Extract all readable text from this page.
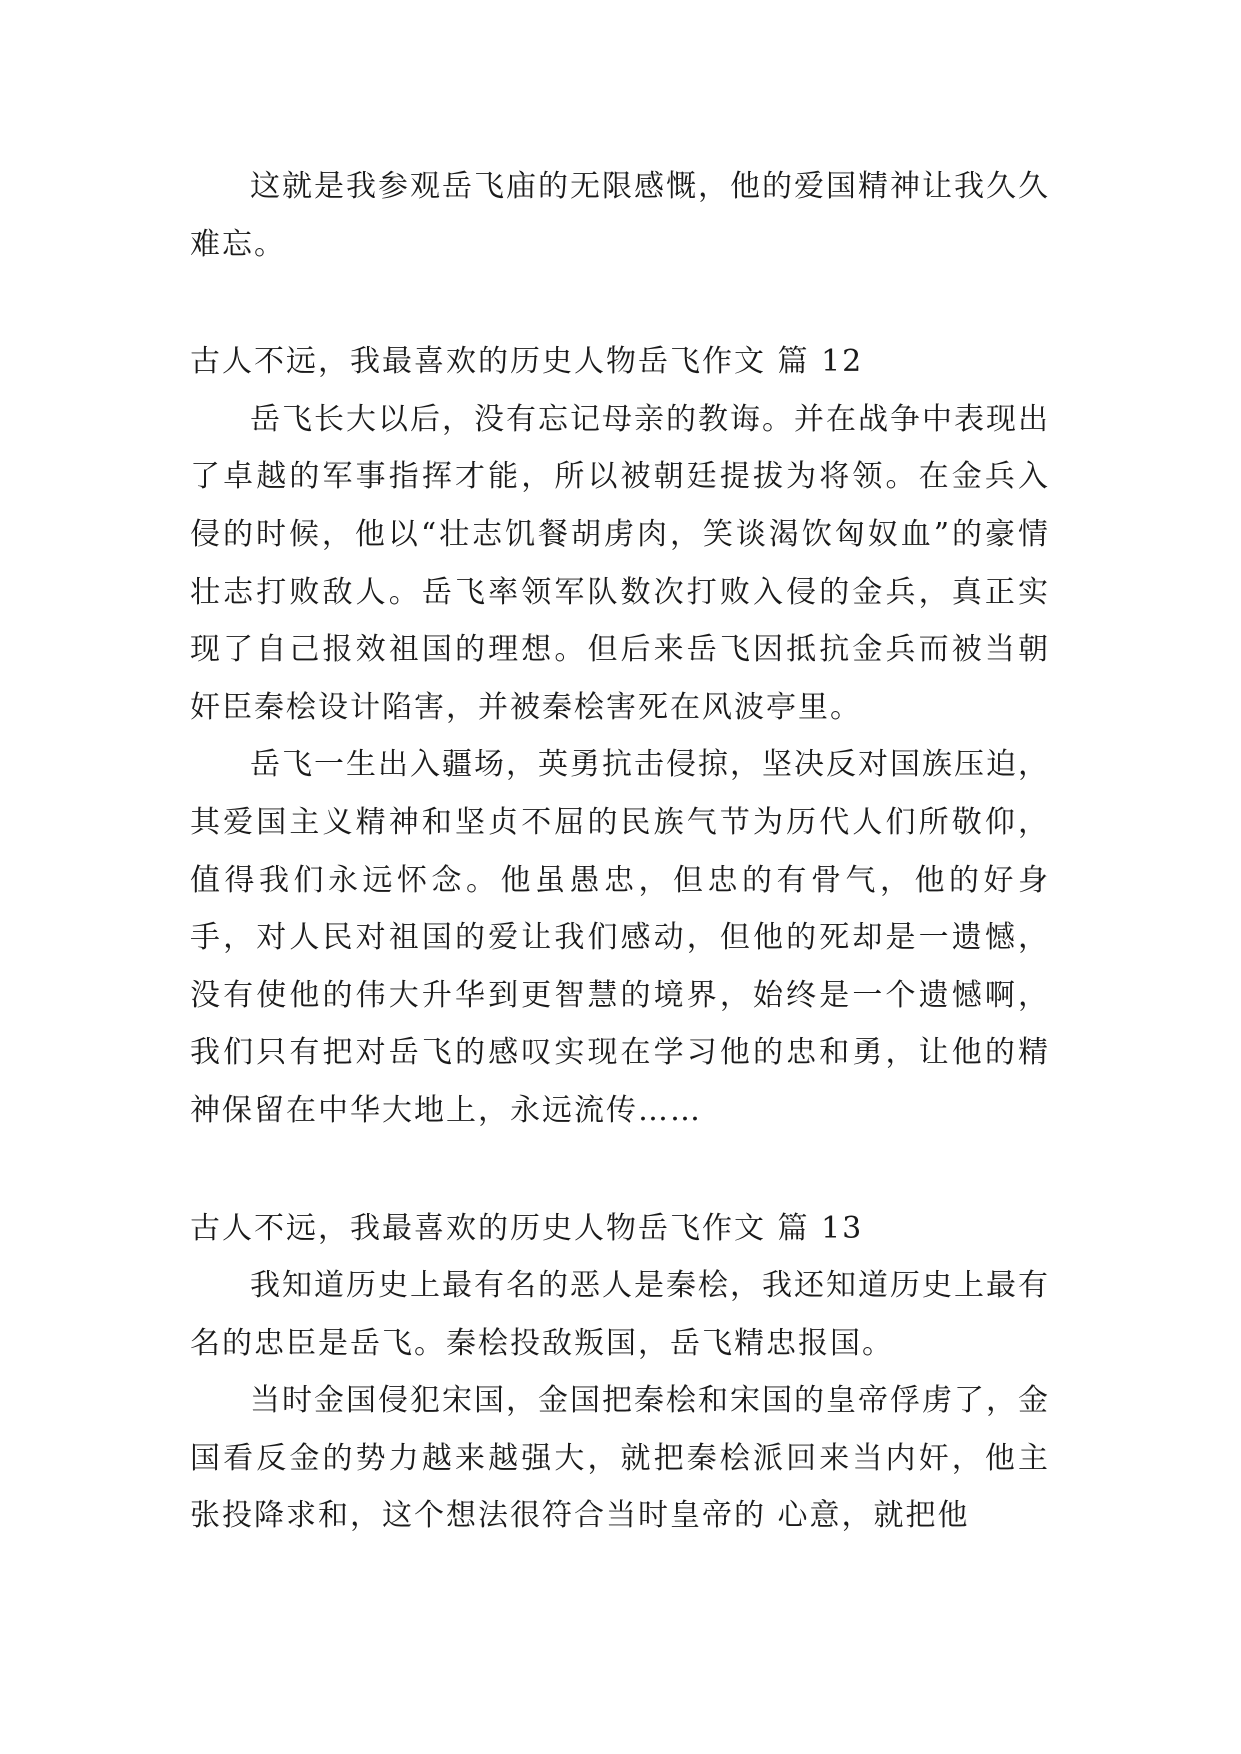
这就是我参观岳飞庙的无限感慨，他的爱国精神让我久久难忘。

古人不远，我最喜欢的历史人物岳飞作文 篇 12

岳飞长大以后，没有忘记母亲的教诲。并在战争中表现出了卓越的军事指挥才能，所以被朝廷提拔为将领。在金兵入侵的时候，他以“壮志饥餐胡虏肉，笑谈渴饮匈奴血”的豪情壮志打败敌人。岳飞率领军队数次打败入侵的金兵，真正实现了自己报效祖国的理想。但后来岳飞因抵抗金兵而被当朝奸臣秦桧设计陷害，并被秦桧害死在风波亭里。

岳飞一生出入疆场，英勇抗击侵掠，坚决反对国族压迫，其爱国主义精神和坚贞不屈的民族气节为历代人们所敬仰，值得我们永远怀念。他虽愚忠，但忠的有骨气，他的好身手，对人民对祖国的爱让我们感动，但他的死却是一遗憾，没有使他的伟大升华到更智慧的境界，始终是一个遗憾啊，我们只有把对岳飞的感叹实现在学习他的忠和勇，让他的精神保留在中华大地上，永远流传……

古人不远，我最喜欢的历史人物岳飞作文 篇 13

我知道历史上最有名的恶人是秦桧，我还知道历史上最有名的忠臣是岳飞。秦桧投敌叛国，岳飞精忠报国。

当时金国侵犯宋国，金国把秦桧和宋国的皇帝俘虏了，金国看反金的势力越来越强大，就把秦桧派回来当内奸，他主张投降求和，这个想法很符合当时皇帝的 心意，就把他
